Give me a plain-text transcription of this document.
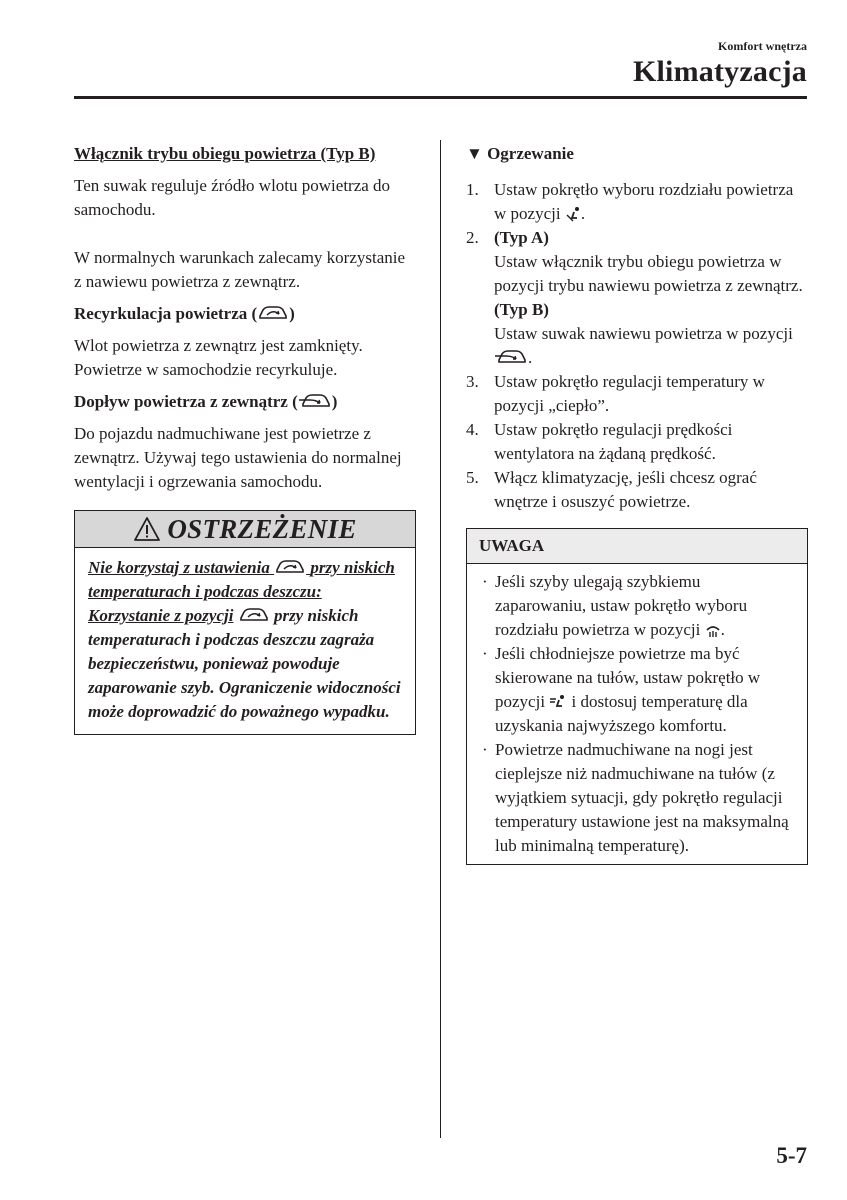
Komfort wnętrza
Klimatyzacja
Włącznik trybu obiegu powietrza (Typ B)

Ten suwak reguluje źródło wlotu powietrza do samochodu.

W normalnych warunkach zalecamy korzystanie z nawiewu powietrza z zewnątrz.

Recyrkulacja powietrza ( )

Wlot powietrza z zewnątrz jest zamknięty. Powietrze w samochodzie recyrkuluje.

Dopływ powietrza z zewnątrz ( )

Do pojazdu nadmuchiwane jest powietrze z zewnątrz. Używaj tego ustawienia do normalnej wentylacji i ogrzewania samochodu.

OSTRZEŻENIE
Nie korzystaj z ustawienia przy niskich temperaturach i podczas deszczu:
Korzystanie z pozycji przy niskich temperaturach i podczas deszczu zagraża bezpieczeństwu, ponieważ powoduje zaparowanie szyb. Ograniczenie widoczności może doprowadzić do poważnego wypadku.
▼ Ogrzewanie
1. Ustaw pokrętło wyboru rozdziału powietrza w pozycji .
2. (Typ A)
Ustaw włącznik trybu obiegu powietrza w pozycji trybu nawiewu powietrza z zewnątrz.
(Typ B)
Ustaw suwak nawiewu powietrza w pozycji .
3. Ustaw pokrętło regulacji temperatury w pozycji „ciepło”.
4. Ustaw pokrętło regulacji prędkości wentylatora na żądaną prędkość.
5. Włącz klimatyzację, jeśli chcesz ograć wnętrze i osuszyć powietrze.
UWAGA
· Jeśli szyby ulegają szybkiemu zaparowaniu, ustaw pokrętło wyboru rozdziału powietrza w pozycji .
· Jeśli chłodniejsze powietrze ma być skierowane na tułów, ustaw pokrętło w pozycji i dostosuj temperaturę dla uzyskania najwyższego komfortu.
· Powietrze nadmuchiwane na nogi jest cieplejsze niż nadmuchiwane na tułów (z wyjątkiem sytuacji, gdy pokrętło regulacji temperatury ustawione jest na maksymalną lub minimalną temperaturę).
5-7
